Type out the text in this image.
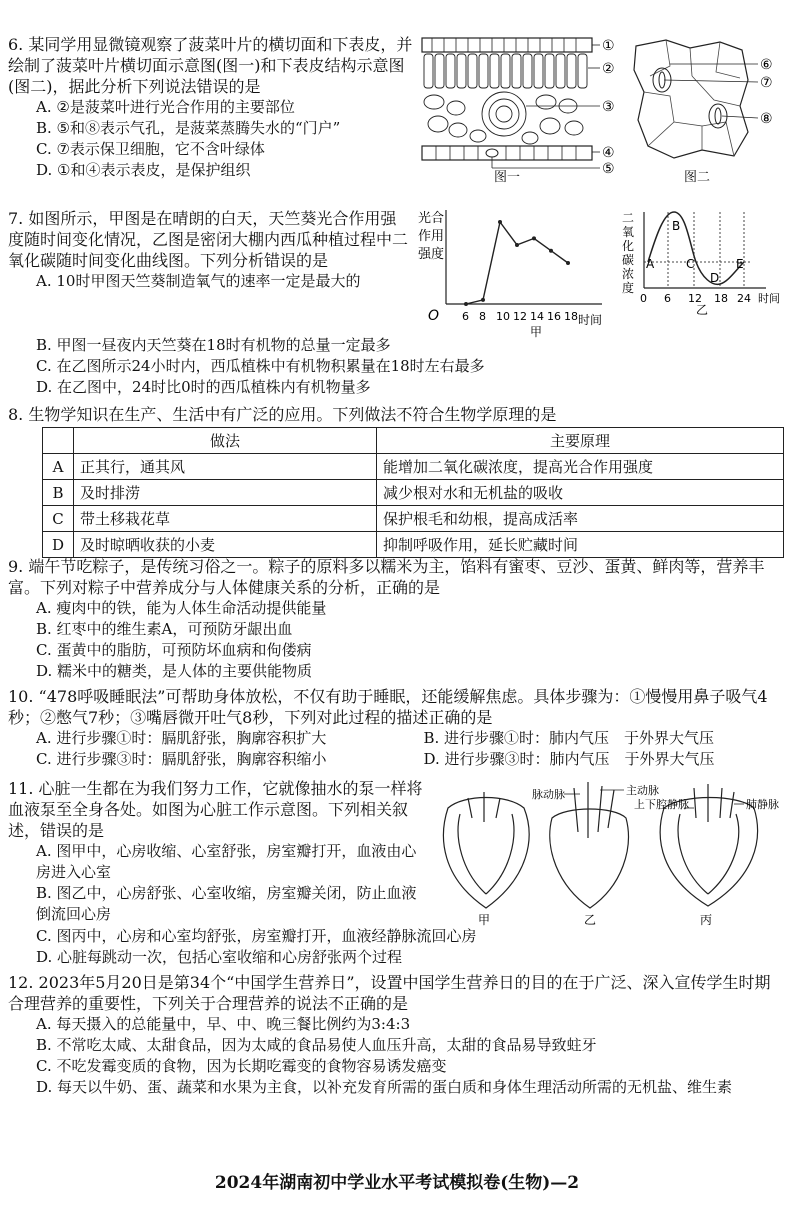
6. 某同学用显微镜观察了菠菜叶片的横切面和下表皮，并绘制了菠菜叶片横切面示意图(图一)和下表皮结构示意图(图二)，据此分析下列说法错误的是
A. ②是菠菜叶进行光合作用的主要部位
B. ⑤和⑧表示气孔，是菠菜蒸腾失水的“门户”
C. ⑦表示保卫细胞，它不含叶绿体
D. ①和④表示表皮，是保护组织
①
②
③
④
⑤
图一
⑥
⑦
⑧
图二
7. 如图所示，甲图是在晴朗的白天，天竺葵光合作用强度随时间变化情况，乙图是密闭大棚内西瓜种植过程中二氧化碳随时间变化曲线图。下列分析错误的是
A. 10时甲图天竺葵制造氧气的速率一定是最大的
B. 甲图一昼夜内天竺葵在18时有机物的总量一定最多
C. 在乙图所示24小时内，西瓜植株中有机物积累量在18时左右最多
D. 在乙图中，24时比0时的西瓜植株内有机物量多
光合
作用
强度
O	时间
甲
6 8 10 12 14 16 18
二
氧
化
碳
浓
度
A
B
C
D
E
0 6 12 18 24 时间
乙
8. 生物学知识在生产、生活中有广泛的应用。下列做法不符合生物学原理的是
	做法	主要原理
A	正其行，通其风	能增加二氧化碳浓度，提高光合作用强度
B	及时排涝	减少根对水和无机盐的吸收
C	带土移栽花草	保护根毛和幼根，提高成活率
D	及时晾晒收获的小麦	抑制呼吸作用，延长贮藏时间
9. 端午节吃粽子，是传统习俗之一。粽子的原料多以糯米为主，馅料有蜜枣、豆沙、蛋黄、鲜肉等，营养丰富。下列对粽子中营养成分与人体健康关系的分析，正确的是
A. 瘦肉中的铁，能为人体生命活动提供能量
B. 红枣中的维生素A，可预防牙龈出血
C. 蛋黄中的脂肪，可预防坏血病和佝偻病
D. 糯米中的糖类，是人体的主要供能物质
10. “478呼吸睡眠法”可帮助身体放松，不仅有助于睡眠，还能缓解焦虑。具体步骤为：①慢慢用鼻子吸气4秒；②憋气7秒；③嘴唇微开吐气8秒，下列对此过程的描述正确的是
A. 进行步骤①时：膈肌舒张，胸廓容积扩大	B. 进行步骤①时：肺内气压　于外界大气压
C. 进行步骤③时：膈肌舒张，胸廓容积缩小	D. 进行步骤③时：肺内气压　于外界大气压
11. 心脏一生都在为我们努力工作，它就像抽水的泵一样将血液泵至全身各处。如图为心脏工作示意图。下列相关叙述，错误的是
A. 图甲中，心房收缩、心室舒张，房室瓣打开，血液由心房进入心室
B. 图乙中，心房舒张、心室收缩，房室瓣关闭，防止血液倒流回心房
C. 图丙中，心房和心室均舒张，房室瓣打开，血液经静脉流回心房
D. 心脏每跳动一次，包括心室收缩和心房舒张两个过程
脉动脉	主动脉
上下腔静脉	肺静脉
甲	乙	丙
12. 2023年5月20日是第34个“中国学生营养日”，设置中国学生营养日的目的在于广泛、深入宣传学生时期合理营养的重要性，下列关于合理营养的说法不正确的是
A. 每天摄入的总能量中，早、中、晚三餐比例约为3:4:3
B. 不常吃太咸、太甜食品，因为太咸的食品易使人血压升高，太甜的食品易导致蛀牙
C. 不吃发霉变质的食物，因为长期吃霉变的食物容易诱发癌变
D. 每天以牛奶、蛋、蔬菜和水果为主食，以补充发育所需的蛋白质和身体生理活动所需的无机盐、维生素
2024年湖南初中学业水平考试模拟卷(生物)—2
